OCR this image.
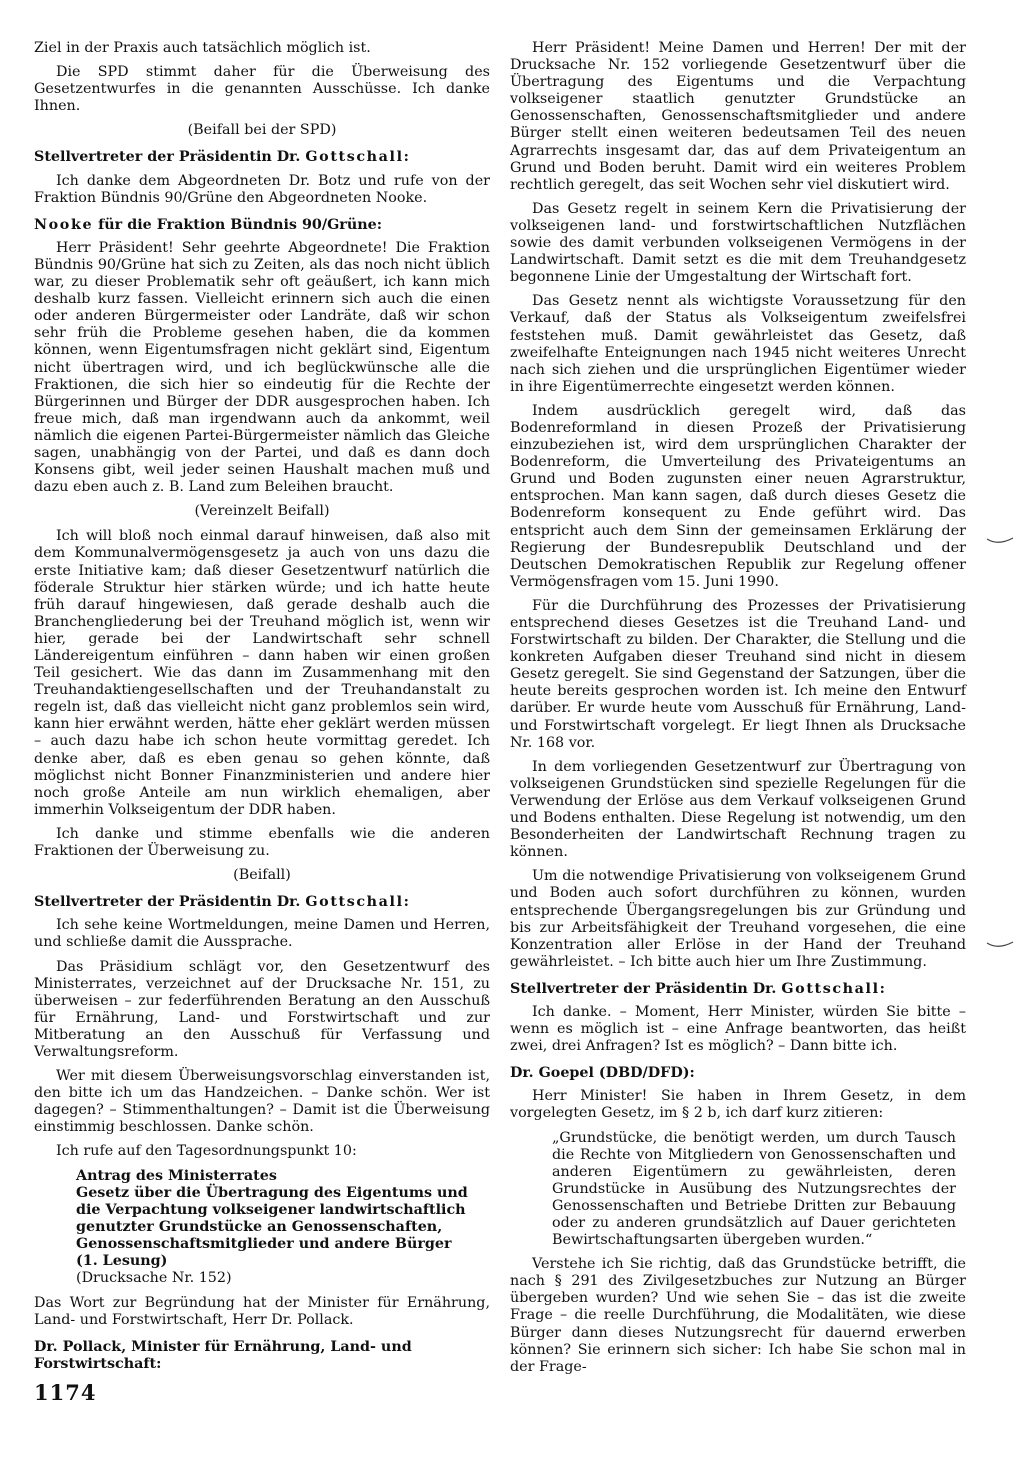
Ziel in der Praxis auch tatsächlich möglich ist.

Die SPD stimmt daher für die Überweisung des Gesetzentwurfes in die genannten Ausschüsse. Ich danke Ihnen.

(Beifall bei der SPD)

Stellvertreter der Präsidentin Dr. Gottschall:

Ich danke dem Abgeordneten Dr. Botz und rufe von der Fraktion Bündnis 90/Grüne den Abgeordneten Nooke.

Nooke für die Fraktion Bündnis 90/Grüne:

Herr Präsident! Sehr geehrte Abgeordnete! Die Fraktion Bündnis 90/Grüne hat sich zu Zeiten, als das noch nicht üblich war, zu dieser Problematik sehr oft geäußert, ich kann mich deshalb kurz fassen. Vielleicht erinnern sich auch die einen oder anderen Bürgermeister oder Landräte, daß wir schon sehr früh die Probleme gesehen haben, die da kommen können, wenn Eigentumsfragen nicht geklärt sind, Eigentum nicht übertragen wird, und ich beglückwünsche alle die Fraktionen, die sich hier so eindeutig für die Rechte der Bürgerinnen und Bürger der DDR ausgesprochen haben. Ich freue mich, daß man irgendwann auch da ankommt, weil nämlich die eigenen Partei-Bürgermeister nämlich das Gleiche sagen, unabhängig von der Partei, und daß es dann doch Konsens gibt, weil jeder seinen Haushalt machen muß und dazu eben auch z. B. Land zum Beleihen braucht.

(Vereinzelt Beifall)

Ich will bloß noch einmal darauf hinweisen, daß also mit dem Kommunalvermögensgesetz ja auch von uns dazu die erste Initiative kam; daß dieser Gesetzentwurf natürlich die föderale Struktur hier stärken würde; und ich hatte heute früh darauf hingewiesen, daß gerade deshalb auch die Branchengliederung bei der Treuhand möglich ist, wenn wir hier, gerade bei der Landwirtschaft sehr schnell Ländereigentum einführen – dann haben wir einen großen Teil gesichert. Wie das dann im Zusammenhang mit den Treuhandaktiengesellschaften und der Treuhandanstalt zu regeln ist, daß das vielleicht nicht ganz problemlos sein wird, kann hier erwähnt werden, hätte eher geklärt werden müssen – auch dazu habe ich schon heute vormittag geredet. Ich denke aber, daß es eben genau so gehen könnte, daß möglichst nicht Bonner Finanzministerien und andere hier noch große Anteile am nun wirklich ehemaligen, aber immerhin Volkseigentum der DDR haben.

Ich danke und stimme ebenfalls wie die anderen Fraktionen der Überweisung zu.

(Beifall)

Stellvertreter der Präsidentin Dr. Gottschall:

Ich sehe keine Wortmeldungen, meine Damen und Herren, und schließe damit die Aussprache.

Das Präsidium schlägt vor, den Gesetzentwurf des Ministerrates, verzeichnet auf der Drucksache Nr. 151, zu überweisen – zur federführenden Beratung an den Ausschuß für Ernährung, Land- und Forstwirtschaft und zur Mitberatung an den Ausschuß für Verfassung und Verwaltungsreform.

Wer mit diesem Überweisungsvorschlag einverstanden ist, den bitte ich um das Handzeichen. – Danke schön. Wer ist dagegen? – Stimmenthaltungen? – Damit ist die Überweisung einstimmig beschlossen. Danke schön.

Ich rufe auf den Tagesordnungspunkt 10:

Antrag des Ministerrates

Gesetz über die Übertragung des Eigentums und die Verpachtung volkseigener landwirtschaftlich genutzter Grundstücke an Genossenschaften, Genossenschaftsmitglieder und andere Bürger

(1. Lesung)

(Drucksache Nr. 152)

Das Wort zur Begründung hat der Minister für Ernährung, Land- und Forstwirtschaft, Herr Dr. Pollack.

Dr. Pollack, Minister für Ernährung, Land- und Forstwirtschaft:

Herr Präsident! Meine Damen und Herren! Der mit der Drucksache Nr. 152 vorliegende Gesetzentwurf über die Übertragung des Eigentums und die Verpachtung volkseigener staatlich genutzter Grundstücke an Genossenschaften, Genossenschaftsmitglieder und andere Bürger stellt einen weiteren bedeutsamen Teil des neuen Agrarrechts insgesamt dar, das auf dem Privateigentum an Grund und Boden beruht. Damit wird ein weiteres Problem rechtlich geregelt, das seit Wochen sehr viel diskutiert wird.

Das Gesetz regelt in seinem Kern die Privatisierung der volkseigenen land- und forstwirtschaftlichen Nutzflächen sowie des damit verbunden volkseigenen Vermögens in der Landwirtschaft. Damit setzt es die mit dem Treuhandgesetz begonnene Linie der Umgestaltung der Wirtschaft fort.

Das Gesetz nennt als wichtigste Voraussetzung für den Verkauf, daß der Status als Volkseigentum zweifelsfrei feststehen muß. Damit gewährleistet das Gesetz, daß zweifelhafte Enteignungen nach 1945 nicht weiteres Unrecht nach sich ziehen und die ursprünglichen Eigentümer wieder in ihre Eigentümerrechte eingesetzt werden können.

Indem ausdrücklich geregelt wird, daß das Bodenreformland in diesen Prozeß der Privatisierung einzubeziehen ist, wird dem ursprünglichen Charakter der Bodenreform, die Umverteilung des Privateigentums an Grund und Boden zugunsten einer neuen Agrarstruktur, entsprochen. Man kann sagen, daß durch dieses Gesetz die Bodenreform konsequent zu Ende geführt wird. Das entspricht auch dem Sinn der gemeinsamen Erklärung der Regierung der Bundesrepublik Deutschland und der Deutschen Demokratischen Republik zur Regelung offener Vermögensfragen vom 15. Juni 1990.

Für die Durchführung des Prozesses der Privatisierung entsprechend dieses Gesetzes ist die Treuhand Land- und Forstwirtschaft zu bilden. Der Charakter, die Stellung und die konkreten Aufgaben dieser Treuhand sind nicht in diesem Gesetz geregelt. Sie sind Gegenstand der Satzungen, über die heute bereits gesprochen worden ist. Ich meine den Entwurf darüber. Er wurde heute vom Ausschuß für Ernährung, Land- und Forstwirtschaft vorgelegt. Er liegt Ihnen als Drucksache Nr. 168 vor.

In dem vorliegenden Gesetzentwurf zur Übertragung von volkseigenen Grundstücken sind spezielle Regelungen für die Verwendung der Erlöse aus dem Verkauf volkseigenen Grund und Bodens enthalten. Diese Regelung ist notwendig, um den Besonderheiten der Landwirtschaft Rechnung tragen zu können.

Um die notwendige Privatisierung von volkseigenem Grund und Boden auch sofort durchführen zu können, wurden entsprechende Übergangsregelungen bis zur Gründung und bis zur Arbeitsfähigkeit der Treuhand vorgesehen, die eine Konzentration aller Erlöse in der Hand der Treuhand gewährleistet. – Ich bitte auch hier um Ihre Zustimmung.

Stellvertreter der Präsidentin Dr. Gottschall:

Ich danke. – Moment, Herr Minister, würden Sie bitte – wenn es möglich ist – eine Anfrage beantworten, das heißt zwei, drei Anfragen? Ist es möglich? – Dann bitte ich.

Dr. Goepel (DBD/DFD):

Herr Minister! Sie haben in Ihrem Gesetz, in dem vorgelegten Gesetz, im § 2 b, ich darf kurz zitieren:

„Grundstücke, die benötigt werden, um durch Tausch die Rechte von Mitgliedern von Genossenschaften und anderen Eigentümern zu gewährleisten, deren Grundstücke in Ausübung des Nutzungsrechtes der Genossenschaften und Betriebe Dritten zur Bebauung oder zu anderen grundsätzlich auf Dauer gerichteten Bewirtschaftungsarten übergeben wurden.“

Verstehe ich Sie richtig, daß das Grundstücke betrifft, die nach § 291 des Zivilgesetzbuches zur Nutzung an Bürger übergeben wurden? Und wie sehen Sie – das ist die zweite Frage – die reelle Durchführung, die Modalitäten, wie diese Bürger dann dieses Nutzungsrecht für dauernd erwerben können? Sie erinnern sich sicher: Ich habe Sie schon mal in der Frage-

1174
